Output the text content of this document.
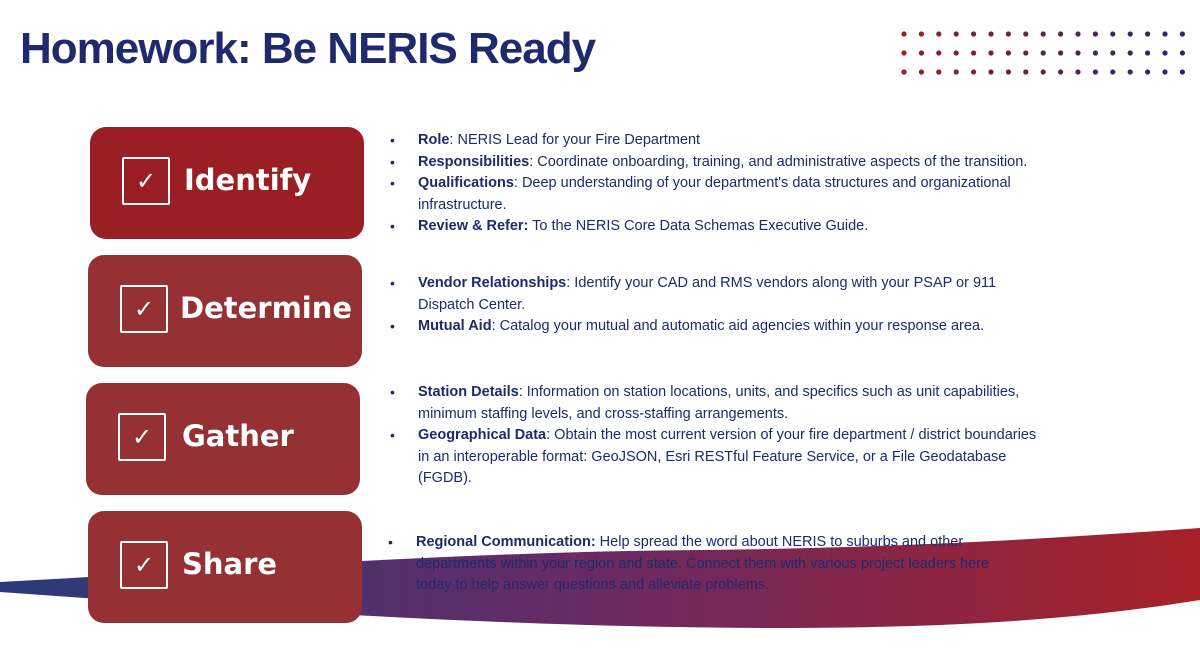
Homework: Be NERIS Ready
✓ Identify
• Role: NERIS Lead for your Fire Department
• Responsibilities: Coordinate onboarding, training, and administrative aspects of the transition.
• Qualifications: Deep understanding of your department's data structures and organizational infrastructure.
• Review & Refer: To the NERIS Core Data Schemas Executive Guide.
✓ Determine
• Vendor Relationships: Identify your CAD and RMS vendors along with your PSAP or 911 Dispatch Center.
• Mutual Aid: Catalog your mutual and automatic aid agencies within your response area.
✓	Gather
• Station Details: Information on station locations, units, and specifics such as unit capabilities, minimum staffing levels, and cross-staffing arrangements.
• Geographical Data: Obtain the most current version of your fire department / district boundaries in an interoperable format: GeoJSON, Esri RESTful Feature Service, or a File Geodatabase (FGDB).
✓ Share
• Regional Communication: Help spread the word about NERIS to suburbs and other departments within your region and state. Connect them with various project leaders here today to help answer questions and alleviate problems.
